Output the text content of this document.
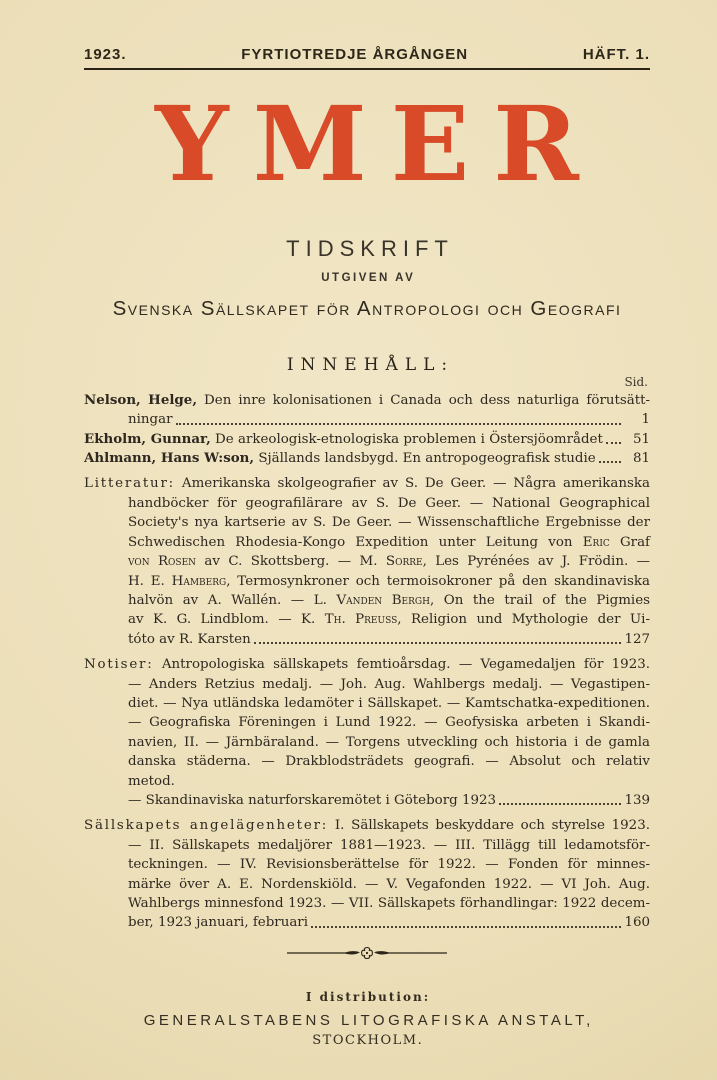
1923.	FYRTIOTREDJE ÅRGÅNGEN	HÄFT. 1.
YMER
TIDSKRIFT
UTGIVEN AV
Svenska Sällskapet för Antropologi och Geografi
INNEHÅLL:
Sid.
Nelson, Helge, Den inre kolonisationen i Canada och dess naturliga förutsätt-
ningar	1
Ekholm, Gunnar, De arkeologisk-etnologiska problemen i Östersjöområdet	51
Ahlmann, Hans W:son, Själlands landsbygd. En antropogeografisk studie	81
Litteratur: Amerikanska skolgeografier av S. De Geer. — Några amerikanska
handböcker för geografilärare av S. De Geer. — National Geographical
Society's nya kartserie av S. De Geer. — Wissenschaftliche Ergebnisse der
Schwedischen Rhodesia-Kongo Expedition unter Leitung von Eric Graf
von Rosen av C. Skottsberg. — M. Sorre, Les Pyrénées av J. Frödin. —
H. E. Hamberg, Termosynkroner och termoisokroner på den skandinaviska
halvön av A. Wallén. — L. Vanden Bergh, On the trail of the Pigmies
av K. G. Lindblom. — K. Th. Preuss, Religion und Mythologie der Ui-
tóto av R. Karsten	127
Notiser: Antropologiska sällskapets femtioårsdag. — Vegamedaljen för 1923.
— Anders Retzius medalj. — Joh. Aug. Wahlbergs medalj. — Vegastipen-
diet. — Nya utländska ledamöter i Sällskapet. — Kamtschatka-expeditionen.
— Geografiska Föreningen i Lund 1922. — Geofysiska arbeten i Skandi-
navien, II. — Järnbäraland. — Torgens utveckling och historia i de gamla
danska städerna. — Drakblodsträdets geografi. — Absolut och relativ metod.
— Skandinaviska naturforskaremötet i Göteborg 1923	139
Sällskapets angelägenheter: I. Sällskapets beskyddare och styrelse 1923.
— II. Sällskapets medaljörer 1881—1923. — III. Tillägg till ledamotsför-
teckningen. — IV. Revisionsberättelse för 1922. — Fonden för minnes-
märke över A. E. Nordenskiöld. — V. Vegafonden 1922. — VI Joh. Aug.
Wahlbergs minnesfond 1923. — VII. Sällskapets förhandlingar: 1922 decem-
ber, 1923 januari, februari	160
I distribution:
GENERALSTABENS LITOGRAFISKA ANSTALT,
STOCKHOLM.
